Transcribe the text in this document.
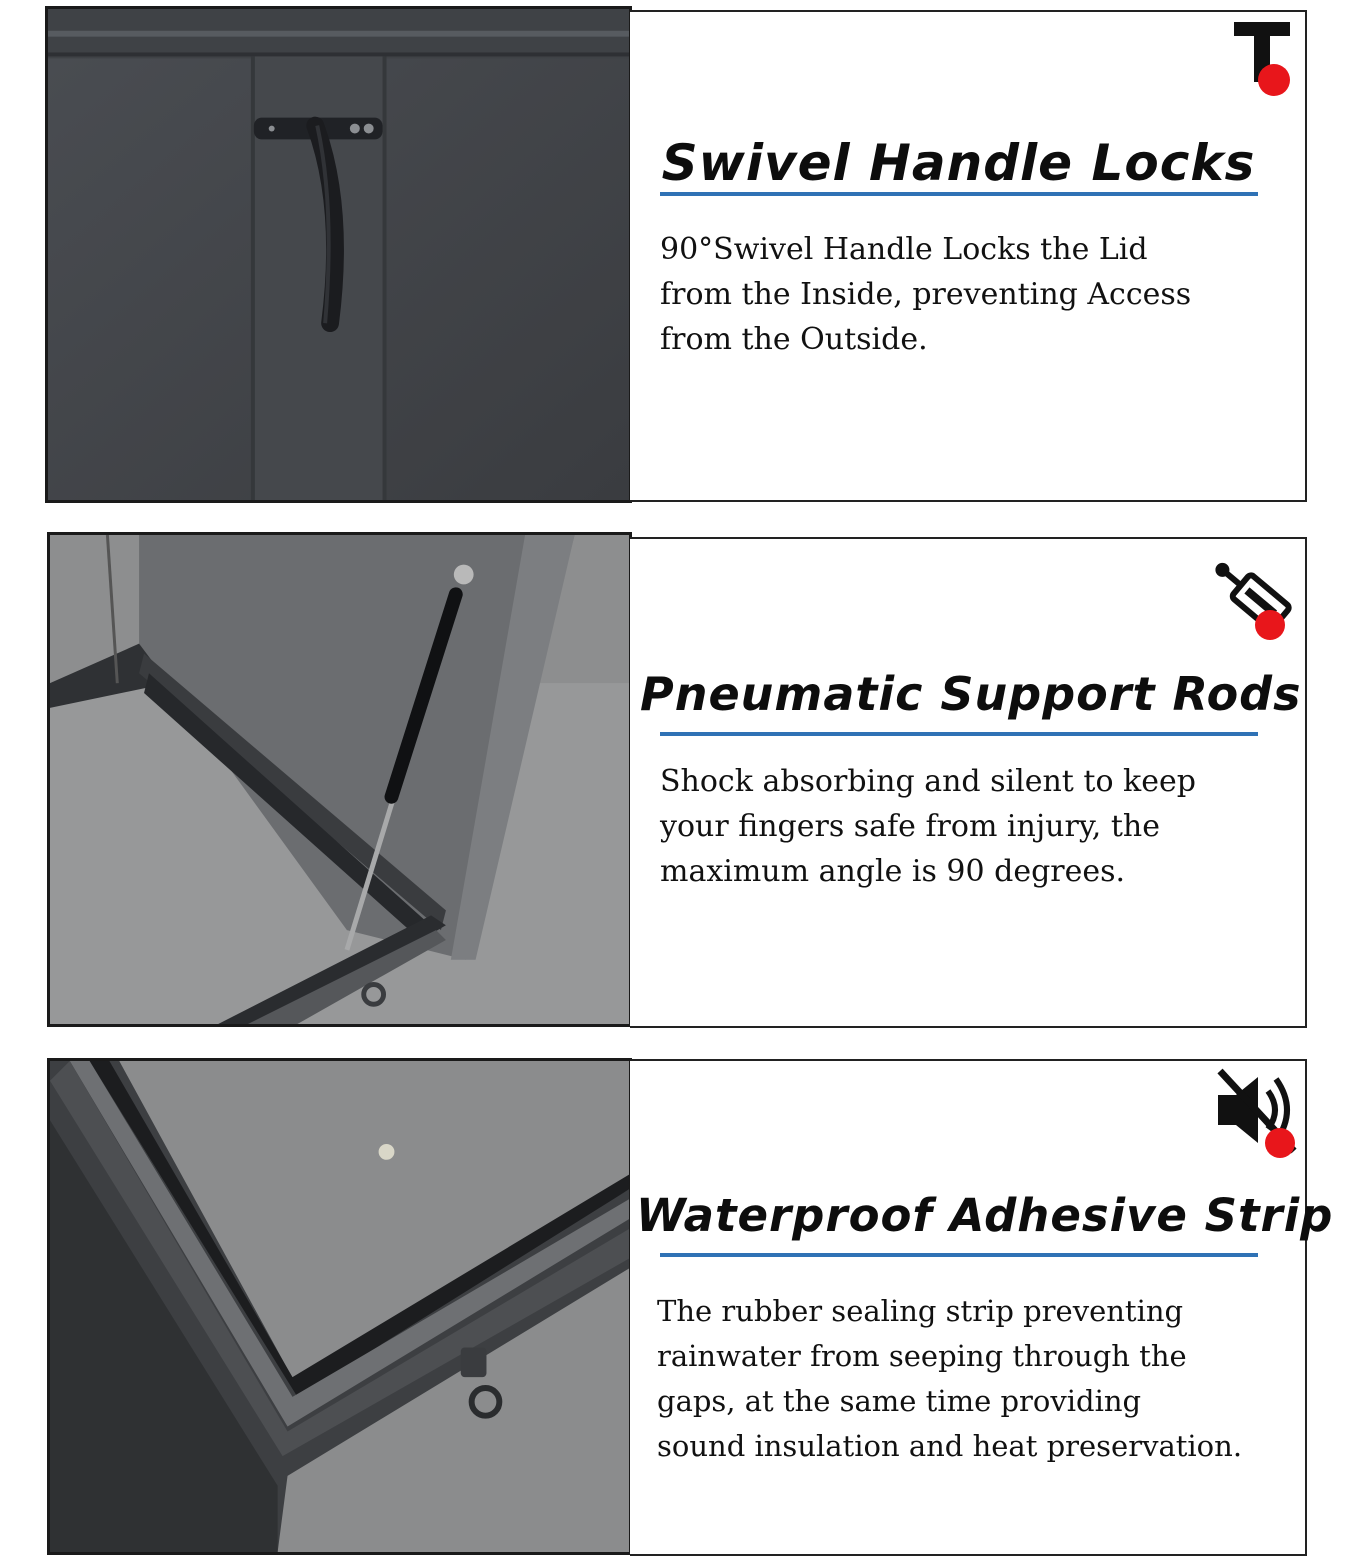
Swivel Handle Locks

90°Swivel Handle Locks the Lid
from the Inside, preventing Access
from the Outside.

Pneumatic Support Rods

Shock absorbing and silent to keep
your fingers safe from injury, the
maximum angle is 90 degrees.

Waterproof Adhesive Strip

The rubber sealing strip preventing
rainwater from seeping through the
gaps, at the same time providing
sound insulation and heat preservation.
